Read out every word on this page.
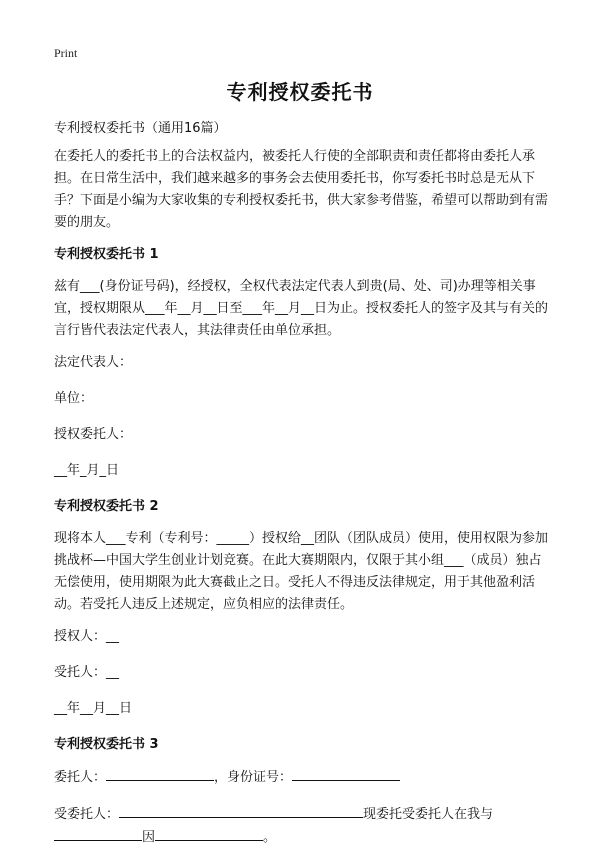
Print
专利授权委托书

专利授权委托书（通用16篇）

在委托人的委托书上的合法权益内，被委托人行使的全部职责和责任都将由委托人承担。在日常生活中，我们越来越多的事务会去使用委托书，你写委托书时总是无从下手？下面是小编为大家收集的专利授权委托书，供大家参考借鉴，希望可以帮助到有需要的朋友。

专利授权委托书 1

兹有___(身份证号码)，经授权，全权代表法定代表人到贵(局、处、司)办理等相关事宜，授权期限从___年__月__日至___年__月__日为止。授权委托人的签字及其与有关的言行皆代表法定代表人，其法律责任由单位承担。

法定代表人：

单位：

授权委托人：

__年_月_日

专利授权委托书 2

现将本人___专利（专利号：_____）授权给__团队（团队成员）使用，使用权限为参加挑战杯—中国大学生创业计划竞赛。在此大赛期限内，仅限于其小组___（成员）独占无偿使用，使用期限为此大赛截止之日。受托人不得违反法律规定，用于其他盈利活动。若受托人违反上述规定，应负相应的法律责任。

授权人：__

受托人：__

__年__月__日

专利授权委托书 3

委托人：	，身份证号：

受委托人：	现委托受委托人在我与
因	。
